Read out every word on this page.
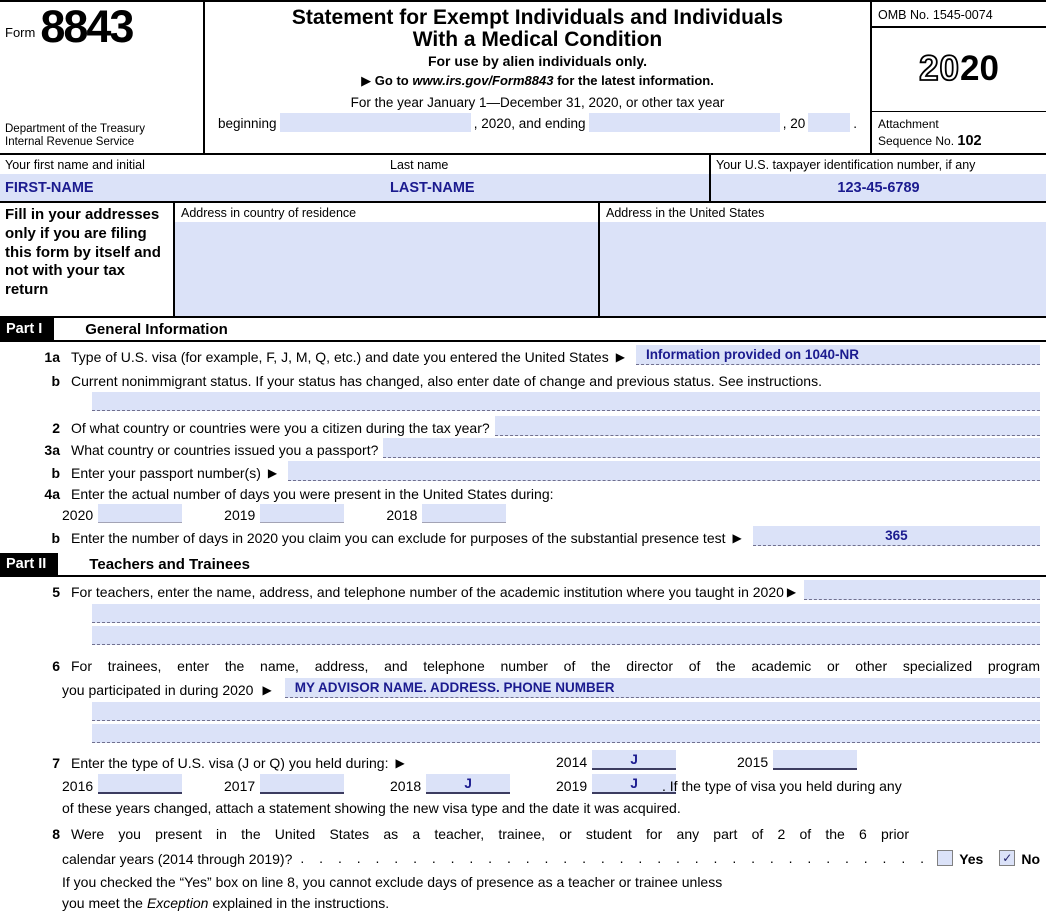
Form 8843
Department of the Treasury
Internal Revenue Service
Statement for Exempt Individuals and Individuals
With a Medical Condition
For use by alien individuals only.
▶ Go to www.irs.gov/Form8843 for the latest information.
For the year January 1—December 31, 2020, or other tax year
beginning	, 2020, and ending	, 20	.
OMB No. 1545-0074
20 20
Attachment
Sequence No. 102
Your first name and initial	Last name
FIRST-NAME	LAST-NAME
Your U.S. taxpayer identification number, if any
123-45-6789
Fill in your addresses only if you are filing this form by itself and not with your tax return
Address in country of residence	Address in the United States
Part I	General Information
1a Type of U.S. visa (for example, F, J, M, Q, etc.) and date you entered the United States ▶	Information provided on 1040-NR
b Current nonimmigrant status. If your status has changed, also enter date of change and previous status. See instructions.
2 Of what country or countries were you a citizen during the tax year?
3a What country or countries issued you a passport?
b Enter your passport number(s) ▶
4a Enter the actual number of days you were present in the United States during:
2020	2019	2018
b Enter the number of days in 2020 you claim you can exclude for purposes of the substantial presence test ▶	365
Part II	Teachers and Trainees
5 For teachers, enter the name, address, and telephone number of the academic institution where you taught in 2020 ▶
6 For trainees, enter the name, address, and telephone number of the director of the academic or other specialized program
you participated in during 2020 ▶	MY ADVISOR NAME. ADDRESS. PHONE NUMBER
7 Enter the type of U.S. visa (J or Q) you held during: ▶	2014	J	2015
2016	2017	2018	J	2019	J	. If the type of visa you held during any
of these years changed, attach a statement showing the new visa type and the date it was acquired.
8 Were you present in the United States as a teacher, trainee, or student for any part of 2 of the 6 prior
calendar years (2014 through 2019)? . . . . . . . . . . . . . . . . . . . . . . . . . . . . . . . . . .	Yes ✓ No
If you checked the “Yes” box on line 8, you cannot exclude days of presence as a teacher or trainee unless
you meet the Exception explained in the instructions.
